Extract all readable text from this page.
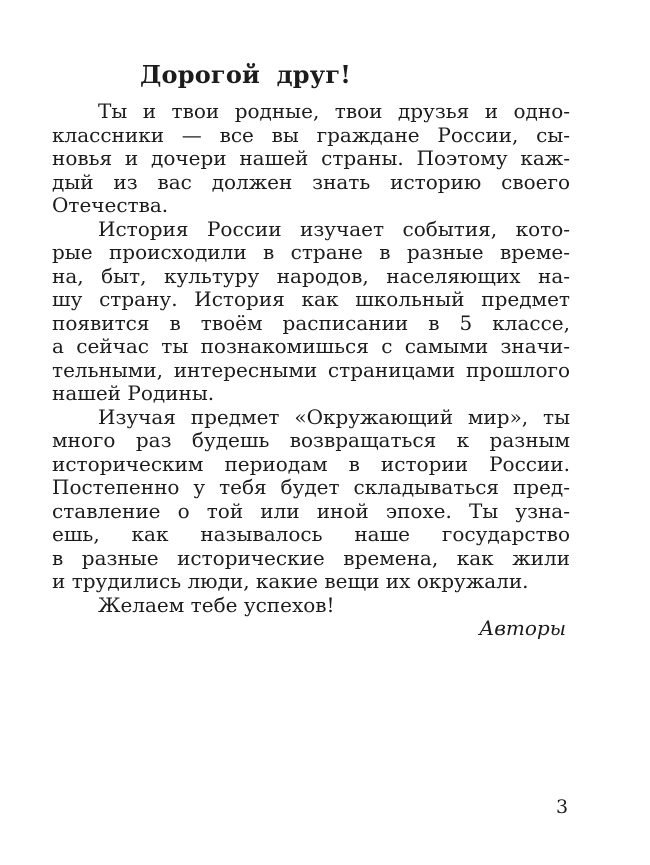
Дорогой друг!
Ты и твои родные, твои друзья и одно-
классники — все вы граждане России, сы-
новья и дочери нашей страны. Поэтому каж-
дый из вас должен знать историю своего
Отечества.
История России изучает события, кото-
рые происходили в стране в разные време-
на, быт, культуру народов, населяющих на-
шу страну. История как школьный предмет
появится в твоём расписании в 5 классе,
а сейчас ты познакомишься с самыми значи-
тельными, интересными страницами прошлого
нашей Родины.
Изучая предмет «Окружающий мир», ты
много раз будешь возвращаться к разным
историческим периодам в истории России.
Постепенно у тебя будет складываться пред-
ставление о той или иной эпохе. Ты узна-
ешь, как называлось наше государство
в разные исторические времена, как жили
и трудились люди, какие вещи их окружали.
Желаем тебе успехов!
Авторы
3
